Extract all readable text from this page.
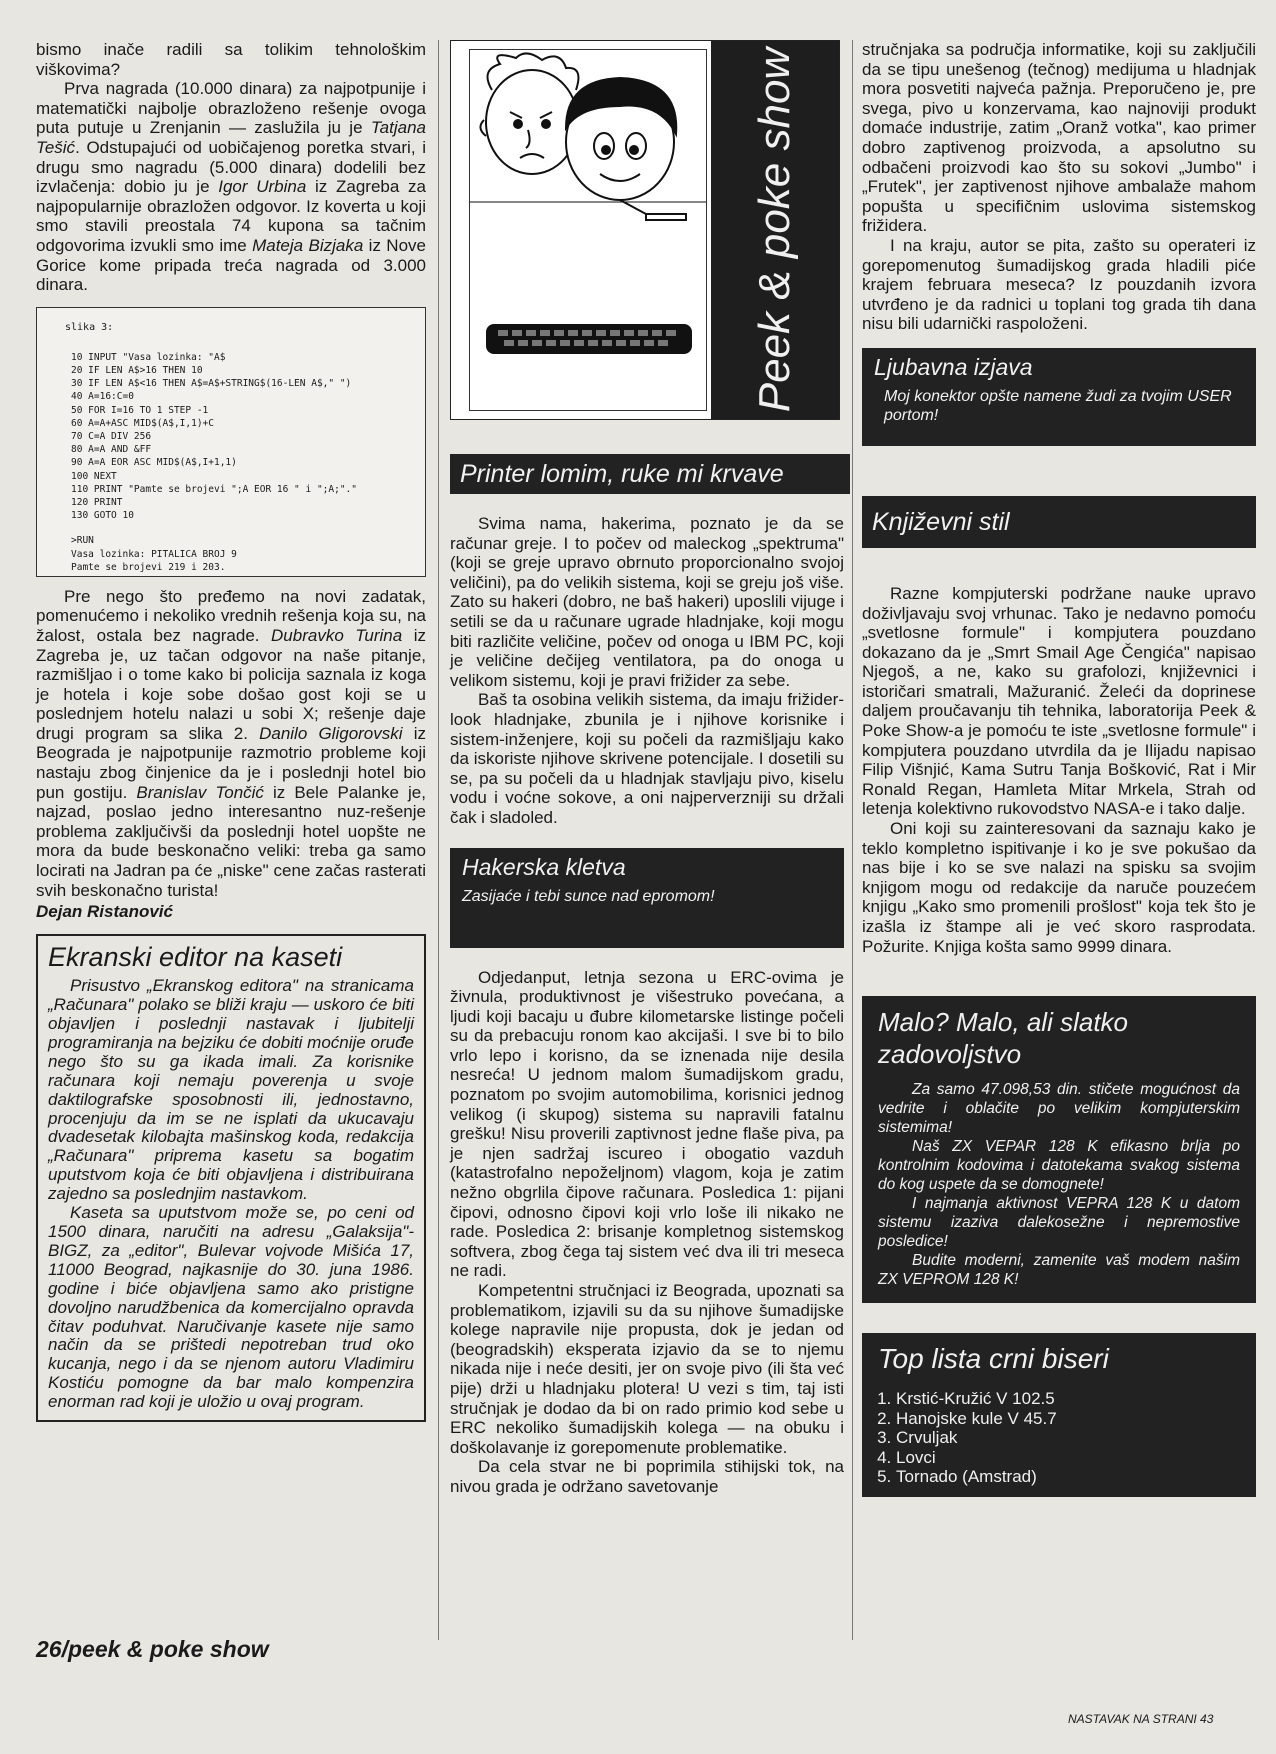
bismo inače radili sa tolikim tehnološkim viškovima?

Prva nagrada (10.000 dinara) za najpotpunije i matematički najbolje obrazloženo rešenje ovoga puta putuje u Zrenjanin — zaslužila ju je Tatjana Tešić. Odstupajući od uobičajenog poretka stvari, i drugu smo nagradu (5.000 dinara) dodelili bez izvlačenja: dobio ju je Igor Urbina iz Zagreba za najpopularnije obrazložen odgovor. Iz koverta u koji smo stavili preostala 74 kupona sa tačnim odgovorima izvukli smo ime Mateja Bizjaka iz Nove Gorice kome pripada treća nagrada od 3.000 dinara.

slika 3:
10 INPUT "Vasa lozinka: "A$
20 IF LEN A$>16 THEN 10
30 IF LEN A$<16 THEN A$=A$+STRING$(16-LEN A$," ")
40 A=16:C=0
50 FOR I=16 TO 1 STEP -1
60 A=A+ASC MID$(A$,I,1)+C
70 C=A DIV 256
80 A=A AND &FF
90 A=A EOR ASC MID$(A$,I+1,1)
100 NEXT
110 PRINT "Pamte se brojevi ";A EOR 16 " i ";A;"."
120 PRINT
130 GOTO 10
>RUN
Vasa lozinka: PITALICA BROJ 9
Pamte se brojevi 219 i 203.

Pre nego što pređemo na novi zadatak, pomenućemo i nekoliko vrednih rešenja koja su, na žalost, ostala bez nagrade. Dubravko Turina iz Zagreba je, uz tačan odgovor na naše pitanje, razmišljao i o tome kako bi policija saznala iz koga je hotela i koje sobe došao gost koji se u poslednjem hotelu nalazi u sobi X; rešenje daje drugi program sa slika 2. Danilo Gligorovski iz Beograda je najpotpunije razmotrio probleme koji nastaju zbog činjenice da je i poslednji hotel bio pun gostiju. Branislav Tončić iz Bele Palanke je, najzad, poslao jedno interesantno nuz-rešenje problema zaključivši da poslednji hotel uopšte ne mora da bude beskonačno veliki: treba ga samo locirati na Jadran pa će „niske" cene začas rasterati svih beskonačno turista!

Dejan Ristanović
Ekranski editor na kaseti

Prisustvo „Ekranskog editora" na stranicama „Računara" polako se bliži kraju — uskoro će biti objavljen i poslednji nastavak i ljubitelji programiranja na bejziku će dobiti moćnije oruđe nego što su ga ikada imali. Za korisnike računara koji nemaju poverenja u svoje daktilografske sposobnosti ili, jednostavno, procenjuju da im se ne isplati da ukucavaju dvadesetak kilobajta mašinskog koda, redakcija „Računara" priprema kasetu sa bogatim uputstvom koja će biti objavljena i distribuirana zajedno sa poslednjim nastavkom.

Kaseta sa uputstvom može se, po ceni od 1500 dinara, naručiti na adresu „Galaksija"-BIGZ, za „editor", Bulevar vojvode Mišića 17, 11000 Beograd, najkasnije do 30. juna 1986. godine i biće objavljena samo ako pristigne dovoljno narudžbenica da komercijalno opravda čitav poduhvat. Naručivanje kasete nije samo način da se prištedi nepotreban trud oko kucanja, nego i da se njenom autoru Vladimiru Kostiću pomogne da bar malo kompenzira enorman rad koji je uložio u ovaj program.

Peek & poke show
Printer lomim, ruke mi krvave

Svima nama, hakerima, poznato je da se računar greje. I to počev od maleckog „spektruma" (koji se greje upravo obrnuto proporcionalno svojoj veličini), pa do velikih sistema, koji se greju još više. Zato su hakeri (dobro, ne baš hakeri) uposlili vijuge i setili se da u računare ugrade hladnjake, koji mogu biti različite veličine, počev od onoga u IBM PC, koji je veličine dečijeg ventilatora, pa do onoga u velikom sistemu, koji je pravi frižider za sebe.

Baš ta osobina velikih sistema, da imaju frižider-look hladnjake, zbunila je i njihove korisnike i sistem-inženjere, koji su počeli da razmišljaju kako da iskoriste njihove skrivene potencijale. I dosetili su se, pa su počeli da u hladnjak stavljaju pivo, kiselu vodu i voćne sokove, a oni najperverzniji su držali čak i sladoled.

Hakerska kletva
Zasijaće i tebi sunce nad epromom!

Odjedanput, letnja sezona u ERC-ovima je živnula, produktivnost je višestruko povećana, a ljudi koji bacaju u đubre kilometarske listinge počeli su da prebacuju ronom kao akcijaši. I sve bi to bilo vrlo lepo i korisno, da se iznenada nije desila nesreća! U jednom malom šumadijskom gradu, poznatom po svojim automobilima, korisnici jednog velikog (i skupog) sistema su napravili fatalnu grešku! Nisu proverili zaptivnost jedne flaše piva, pa je njen sadržaj iscureo i obogatio vazduh (katastrofalno nepoželjnom) vlagom, koja je zatim nežno obgrlila čipove računara. Posledica 1: pijani čipovi, odnosno čipovi koji vrlo loše ili nikako ne rade. Posledica 2: brisanje kompletnog sistemskog softvera, zbog čega taj sistem već dva ili tri meseca ne radi.

Kompetentni stručnjaci iz Beograda, upoznati sa problematikom, izjavili su da su njihove šumadijske kolege napravile nije propusta, dok je jedan od (beogradskih) eksperata izjavio da se to njemu nikada nije i neće desiti, jer on svoje pivo (ili šta već pije) drži u hladnjaku plotera! U vezi s tim, taj isti stručnjak je dodao da bi on rado primio kod sebe u ERC nekoliko šumadijskih kolega — na obuku i doškolavanje iz gorepomenute problematike.

Da cela stvar ne bi poprimila stihijski tok, na nivou grada je održano savetovanje

stručnjaka sa područja informatike, koji su zaključili da se tipu unešenog (tečnog) medijuma u hladnjak mora posvetiti najveća pažnja. Preporučeno je, pre svega, pivo u konzervama, kao najnoviji produkt domaće industrije, zatim „Oranž votka", kao primer dobro zaptivenog proizvoda, a apsolutno su odbačeni proizvodi kao što su sokovi „Jumbo" i „Frutek", jer zaptivenost njihove ambalaže mahom popušta u specifičnim uslovima sistemskog frižidera.

I na kraju, autor se pita, zašto su operateri iz gorepomenutog šumadijskog grada hladili piće krajem februara meseca? Iz pouzdanih izvora utvrđeno je da radnici u toplani tog grada tih dana nisu bili udarnički raspoloženi.

Ljubavna izjava
Moj konektor opšte namene žudi za tvojim USER portom!
Književni stil

Razne kompjuterski podržane nauke upravo doživljavaju svoj vrhunac. Tako je nedavno pomoću „svetlosne formule" i kompjutera pouzdano dokazano da je „Smrt Smail Age Čengića" napisao Njegoš, a ne, kako su grafolozi, književnici i istoričari smatrali, Mažuranić. Želeći da doprinese daljem proučavanju tih tehnika, laboratorija Peek & Poke Show-a je pomoću te iste „svetlosne formule" i kompjutera pouzdano utvrdila da je Ilijadu napisao Filip Višnjić, Kama Sutru Tanja Bošković, Rat i Mir Ronald Regan, Hamleta Mitar Mrkela, Strah od letenja kolektivno rukovodstvo NASA-e i tako dalje.

Oni koji su zainteresovani da saznaju kako je teklo kompletno ispitivanje i ko je sve pokušao da nas bije i ko se sve nalazi na spisku sa svojim knjigom mogu od redakcije da naruče pouzećem knjigu „Kako smo promenili prošlost" koja tek što je izašla iz štampe ali je već skoro rasprodata. Požurite. Knjiga košta samo 9999 dinara.

Malo? Malo, ali slatko zadovoljstvo

Za samo 47.098,53 din. stičete mogućnost da vedrite i oblačite po velikim kompjuterskim sistemima!

Naš ZX VEPAR 128 K efikasno brlja po kontrolnim kodovima i datotekama svakog sistema do kog uspete da se domognete!

I najmanja aktivnost VEPRA 128 K u datom sistemu izaziva dalekosežne i nepremostive posledice!

Budite moderni, zamenite vaš modem našim ZX VEPROM 128 K!

Top lista crni biseri
1. Krstić-Kružić V 102.5
2. Hanojske kule V 45.7
3. Crvuljak
4. Lovci
5. Tornado (Amstrad)
26/peek & poke show
NASTAVAK NA STRANI 43
